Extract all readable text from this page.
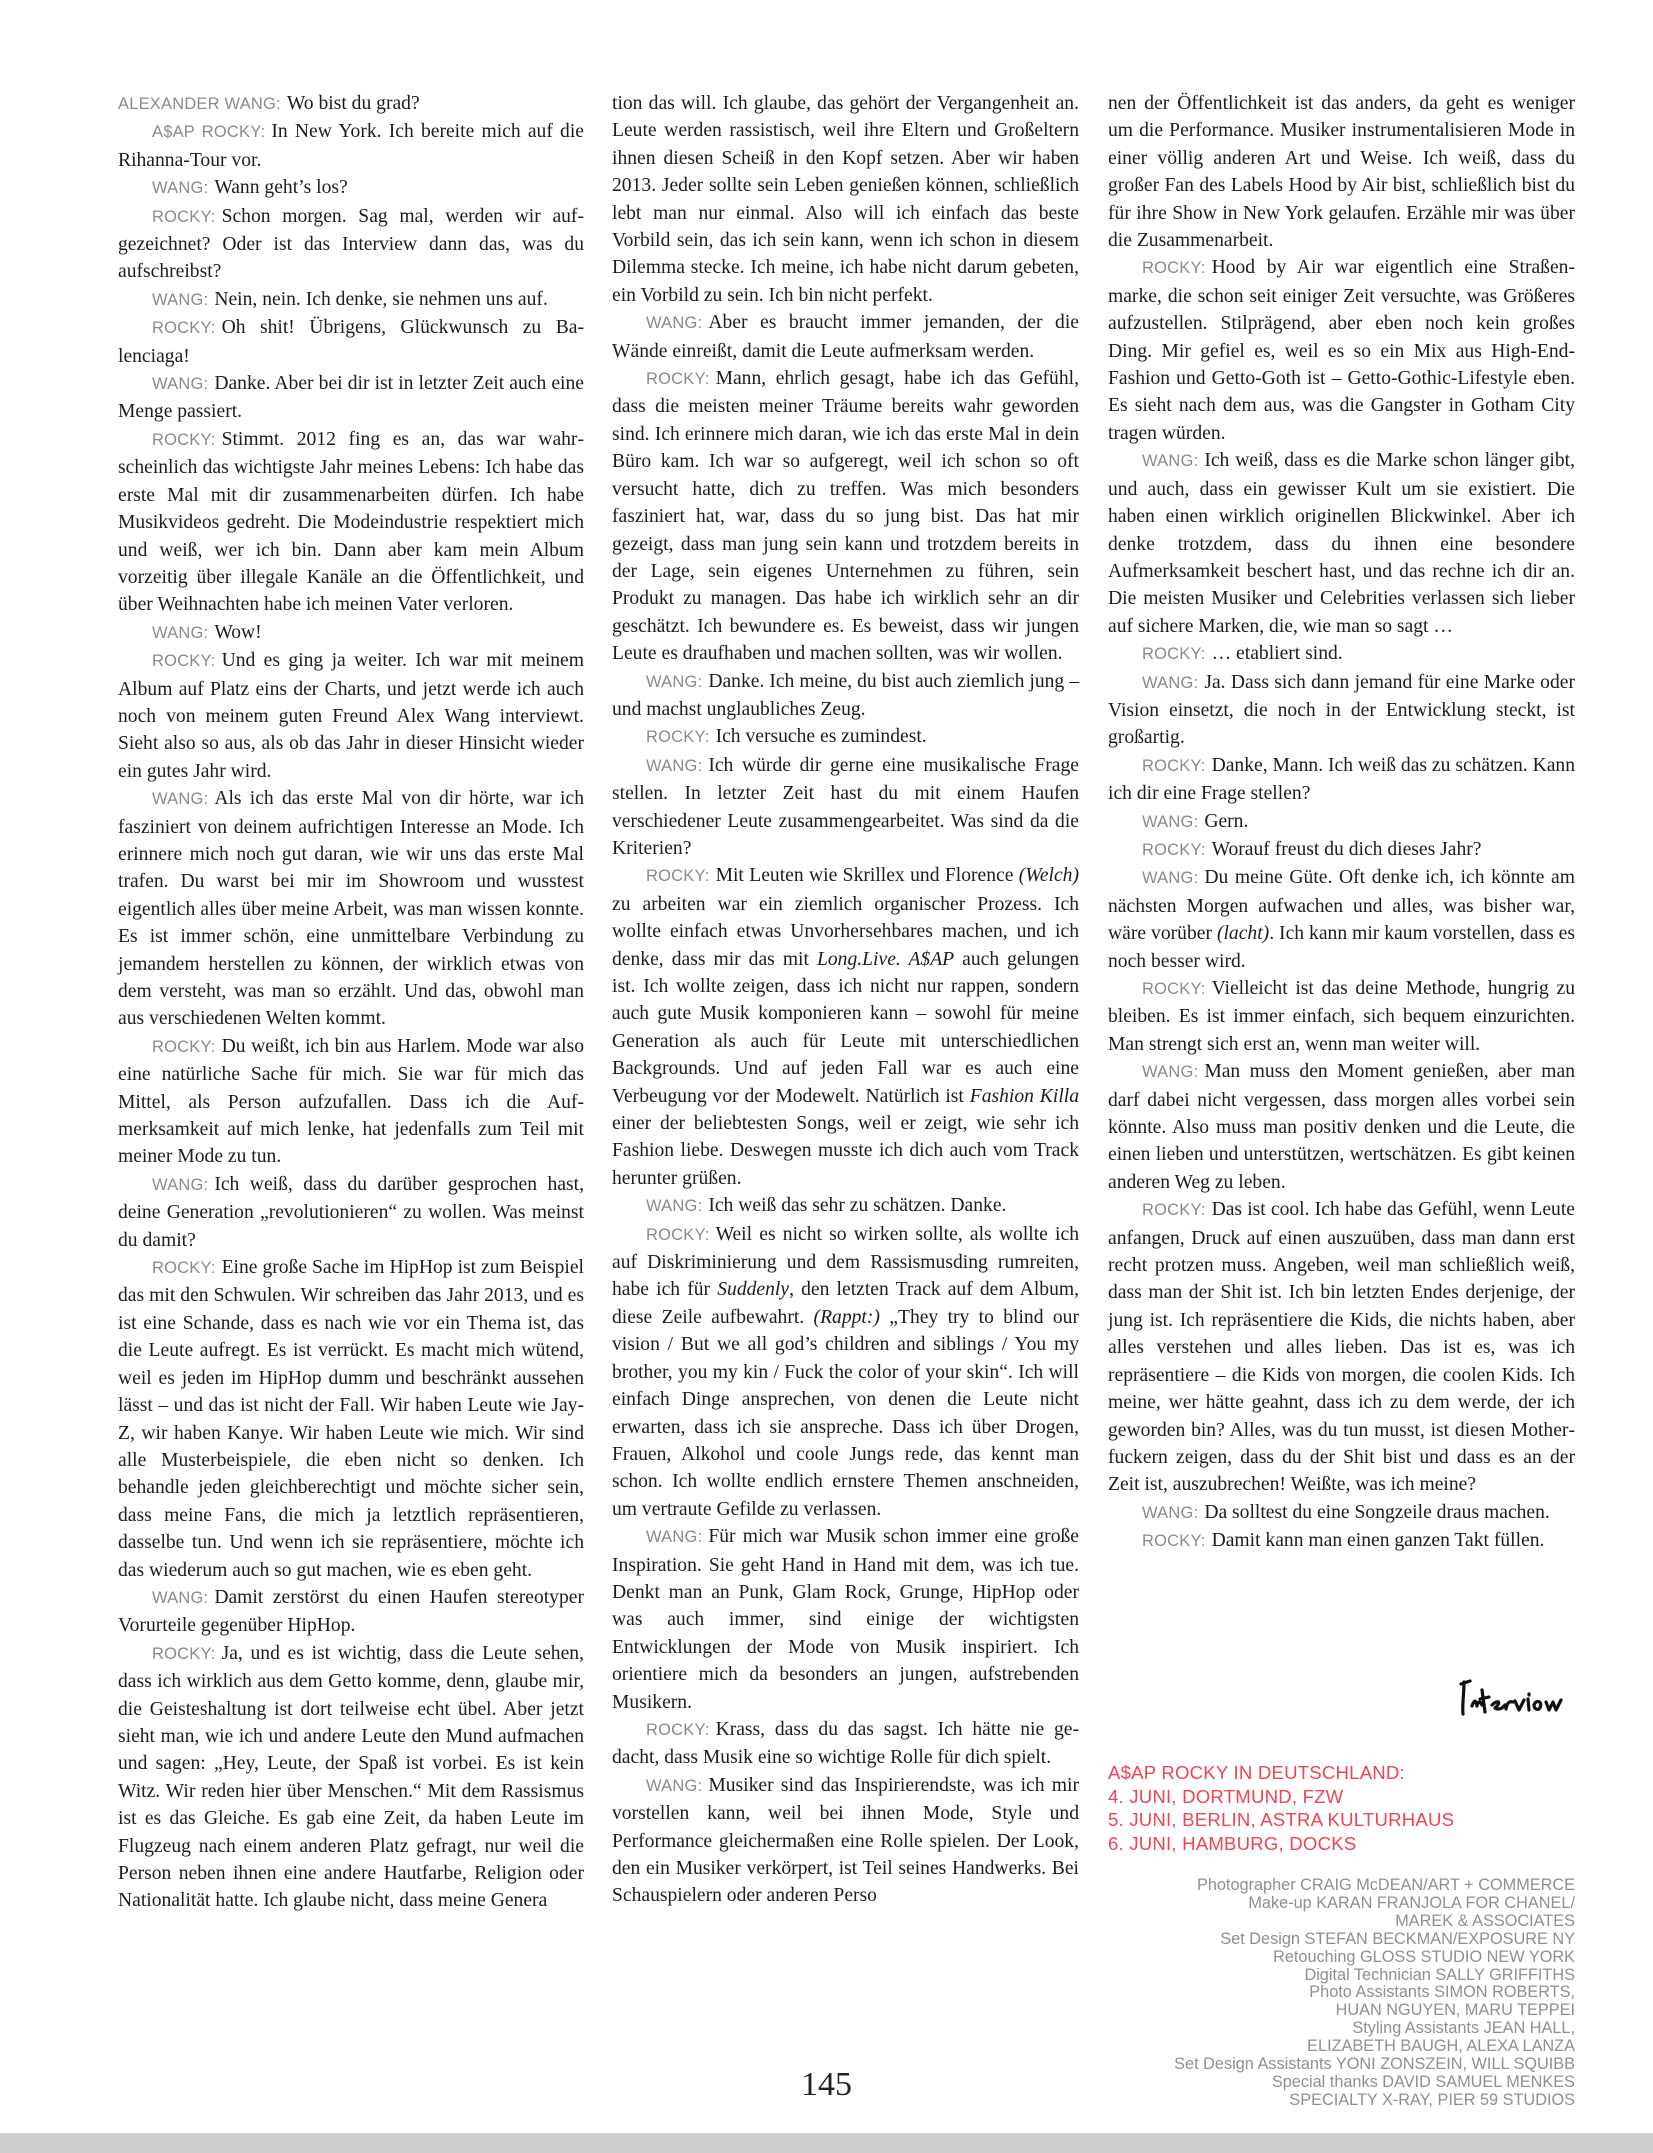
ALEXANDER WANG: Wo bist du grad?

A$AP ROCKY: In New York. Ich bereite mich auf die Rihanna-Tour vor.

WANG: Wann geht’s los?

ROCKY: Schon morgen. Sag mal, werden wir aufgezeichnet? Oder ist das Interview dann das, was du aufschreibst?

WANG: Nein, nein. Ich denke, sie nehmen uns auf.

ROCKY: Oh shit! Übrigens, Glückwunsch zu Balenciaga!

WANG: Danke. Aber bei dir ist in letzter Zeit auch eine Menge passiert.

ROCKY: Stimmt. 2012 fing es an, das war wahrscheinlich das wichtigste Jahr meines Lebens: Ich habe das erste Mal mit dir zusammenarbeiten dürfen. Ich habe Musikvideos gedreht. Die Modeindustrie respektiert mich und weiß, wer ich bin. Dann aber kam mein Album vorzeitig über illegale Kanäle an die Öffentlichkeit, und über Weihnachten habe ich meinen Vater verloren.

WANG: Wow!

ROCKY: Und es ging ja weiter. Ich war mit meinem Album auf Platz eins der Charts, und jetzt werde ich auch noch von meinem guten Freund Alex Wang interviewt. Sieht also so aus, als ob das Jahr in dieser Hinsicht wieder ein gutes Jahr wird.

WANG: Als ich das erste Mal von dir hörte, war ich fasziniert von deinem aufrichtigen Interesse an Mode. Ich erinnere mich noch gut daran, wie wir uns das erste Mal trafen. Du warst bei mir im Showroom und wusstest eigentlich alles über meine Arbeit, was man wissen konnte. Es ist immer schön, eine unmittelbare Verbindung zu jemandem herstellen zu können, der wirklich etwas von dem versteht, was man so erzählt. Und das, obwohl man aus verschiedenen Welten kommt.

ROCKY: Du weißt, ich bin aus Harlem. Mode war also eine natürliche Sache für mich. Sie war für mich das Mittel, als Person aufzufallen. Dass ich die Aufmerksamkeit auf mich lenke, hat jedenfalls zum Teil mit meiner Mode zu tun.

WANG: Ich weiß, dass du darüber gesprochen hast, deine Generation „revolutionieren“ zu wollen. Was meinst du damit?

ROCKY: Eine große Sache im HipHop ist zum Beispiel das mit den Schwulen. Wir schreiben das Jahr 2013, und es ist eine Schande, dass es nach wie vor ein Thema ist, das die Leute aufregt. Es ist verrückt. Es macht mich wütend, weil es jeden im HipHop dumm und beschränkt aussehen lässt – und das ist nicht der Fall. Wir haben Leute wie Jay-Z, wir haben Kanye. Wir haben Leute wie mich. Wir sind alle Musterbeispiele, die eben nicht so denken. Ich behandle jeden gleichberechtigt und möchte sicher sein, dass meine Fans, die mich ja letztlich repräsentieren, dasselbe tun. Und wenn ich sie repräsentiere, möchte ich das wiederum auch so gut machen, wie es eben geht.

WANG: Damit zerstörst du einen Haufen stereotyper Vorurteile gegenüber HipHop.

ROCKY: Ja, und es ist wichtig, dass die Leute sehen, dass ich wirklich aus dem Getto komme, denn, glaube mir, die Geisteshaltung ist dort teilweise echt übel. Aber jetzt sieht man, wie ich und andere Leute den Mund aufmachen und sagen: „Hey, Leute, der Spaß ist vorbei. Es ist kein Witz. Wir reden hier über Menschen.“ Mit dem Rassismus ist es das Gleiche. Es gab eine Zeit, da haben Leute im Flugzeug nach einem anderen Platz gefragt, nur weil die Person neben ihnen eine andere Hautfarbe, Religion oder Nationalität hatte. Ich glaube nicht, dass meine Genera

tion das will. Ich glaube, das gehört der Vergangenheit an. Leute werden rassistisch, weil ihre Eltern und Großeltern ihnen diesen Scheiß in den Kopf setzen. Aber wir haben 2013. Jeder sollte sein Leben genießen können, schließlich lebt man nur einmal. Also will ich einfach das beste Vorbild sein, das ich sein kann, wenn ich schon in diesem Dilemma stecke. Ich meine, ich habe nicht darum gebeten, ein Vorbild zu sein. Ich bin nicht perfekt.

WANG: Aber es braucht immer jemanden, der die Wände einreißt, damit die Leute aufmerksam werden.

ROCKY: Mann, ehrlich gesagt, habe ich das Gefühl, dass die meisten meiner Träume bereits wahr geworden sind. Ich erinnere mich daran, wie ich das erste Mal in dein Büro kam. Ich war so aufgeregt, weil ich schon so oft versucht hatte, dich zu treffen. Was mich besonders fasziniert hat, war, dass du so jung bist. Das hat mir gezeigt, dass man jung sein kann und trotzdem bereits in der Lage, sein eigenes Unternehmen zu führen, sein Produkt zu managen. Das habe ich wirklich sehr an dir geschätzt. Ich bewundere es. Es beweist, dass wir jungen Leute es draufhaben und machen sollten, was wir wollen.

WANG: Danke. Ich meine, du bist auch ziemlich jung – und machst unglaubliches Zeug.

ROCKY: Ich versuche es zumindest.

WANG: Ich würde dir gerne eine musikalische Frage stellen. In letzter Zeit hast du mit einem Haufen verschiedener Leute zusammengearbeitet. Was sind da die Kriterien?

ROCKY: Mit Leuten wie Skrillex und Florence (Welch) zu arbeiten war ein ziemlich organischer Prozess. Ich wollte einfach etwas Unvorhersehbares machen, und ich denke, dass mir das mit Long.Live. A$AP auch gelungen ist. Ich wollte zeigen, dass ich nicht nur rappen, sondern auch gute Musik komponieren kann – sowohl für meine Generation als auch für Leute mit unterschiedlichen Backgrounds. Und auf jeden Fall war es auch eine Verbeugung vor der Modewelt. Natürlich ist Fashion Killa einer der beliebtesten Songs, weil er zeigt, wie sehr ich Fashion liebe. Deswegen musste ich dich auch vom Track herunter grüßen.

WANG: Ich weiß das sehr zu schätzen. Danke.

ROCKY: Weil es nicht so wirken sollte, als wollte ich auf Diskriminierung und dem Rassismusding rumreiten, habe ich für Suddenly, den letzten Track auf dem Album, diese Zeile aufbewahrt. (Rappt:) „They try to blind our vision / But we all god’s children and siblings / You my brother, you my kin / Fuck the color of your skin“. Ich will einfach Dinge ansprechen, von denen die Leute nicht erwarten, dass ich sie anspreche. Dass ich über Drogen, Frauen, Alkohol und coole Jungs rede, das kennt man schon. Ich wollte endlich ernstere Themen anschneiden, um vertraute Gefilde zu verlassen.

WANG: Für mich war Musik schon immer eine große Inspiration. Sie geht Hand in Hand mit dem, was ich tue. Denkt man an Punk, Glam Rock, Grunge, HipHop oder was auch immer, sind einige der wichtigsten Entwicklungen der Mode von Musik inspiriert. Ich orientiere mich da besonders an jungen, aufstrebenden Musikern.

ROCKY: Krass, dass du das sagst. Ich hätte nie gedacht, dass Musik eine so wichtige Rolle für dich spielt.

WANG: Musiker sind das Inspirierendste, was ich mir vorstellen kann, weil bei ihnen Mode, Style und Performance gleichermaßen eine Rolle spielen. Der Look, den ein Musiker verkörpert, ist Teil seines Handwerks. Bei Schauspielern oder anderen Perso

nen der Öffentlichkeit ist das anders, da geht es weniger um die Performance. Musiker instrumentalisieren Mode in einer völlig anderen Art und Weise. Ich weiß, dass du großer Fan des Labels Hood by Air bist, schließlich bist du für ihre Show in New York gelaufen. Erzähle mir was über die Zusammenarbeit.

ROCKY: Hood by Air war eigentlich eine Straßenmarke, die schon seit einiger Zeit versuchte, was Größeres aufzustellen. Stilprägend, aber eben noch kein großes Ding. Mir gefiel es, weil es so ein Mix aus High-End-Fashion und Getto-Goth ist – Getto-Gothic-Lifestyle eben. Es sieht nach dem aus, was die Gangster in Gotham City tragen würden.

WANG: Ich weiß, dass es die Marke schon länger gibt, und auch, dass ein gewisser Kult um sie existiert. Die haben einen wirklich originellen Blickwinkel. Aber ich denke trotzdem, dass du ihnen eine besondere Aufmerksamkeit beschert hast, und das rechne ich dir an. Die meisten Musiker und Celebrities verlassen sich lieber auf sichere Marken, die, wie man so sagt …

ROCKY: … etabliert sind.

WANG: Ja. Dass sich dann jemand für eine Marke oder Vision einsetzt, die noch in der Entwicklung steckt, ist großartig.

ROCKY: Danke, Mann. Ich weiß das zu schätzen. Kann ich dir eine Frage stellen?

WANG: Gern.

ROCKY: Worauf freust du dich dieses Jahr?

WANG: Du meine Güte. Oft denke ich, ich könnte am nächsten Morgen aufwachen und alles, was bisher war, wäre vorüber (lacht). Ich kann mir kaum vorstellen, dass es noch besser wird.

ROCKY: Vielleicht ist das deine Methode, hungrig zu bleiben. Es ist immer einfach, sich bequem einzurichten. Man strengt sich erst an, wenn man weiter will.

WANG: Man muss den Moment genießen, aber man darf dabei nicht vergessen, dass morgen alles vorbei sein könnte. Also muss man positiv denken und die Leute, die einen lieben und unterstützen, wertschätzen. Es gibt keinen anderen Weg zu leben.

ROCKY: Das ist cool. Ich habe das Gefühl, wenn Leute anfangen, Druck auf einen auszuüben, dass man dann erst recht protzen muss. Angeben, weil man schließlich weiß, dass man der Shit ist. Ich bin letzten Endes derjenige, der jung ist. Ich repräsentiere die Kids, die nichts haben, aber alles verstehen und alles lieben. Das ist es, was ich repräsentiere – die Kids von morgen, die coolen Kids. Ich meine, wer hätte geahnt, dass ich zu dem werde, der ich geworden bin? Alles, was du tun musst, ist diesen Motherfuckern zeigen, dass du der Shit bist und dass es an der Zeit ist, auszubrechen! Weißte, was ich meine?

WANG: Da solltest du eine Songzeile draus machen.

ROCKY: Damit kann man einen ganzen Takt füllen.

A$AP ROCKY IN DEUTSCHLAND:
4. JUNI, DORTMUND, FZW
5. JUNI, BERLIN, ASTRA KULTURHAUS
6. JUNI, HAMBURG, DOCKS
Photographer CRAIG McDEAN/ART + COMMERCE
Make-up KARAN FRANJOLA FOR CHANEL/
MAREK & ASSOCIATES
Set Design STEFAN BECKMAN/EXPOSURE NY
Retouching GLOSS STUDIO NEW YORK
Digital Technician SALLY GRIFFITHS
Photo Assistants SIMON ROBERTS,
HUAN NGUYEN, MARU TEPPEI
Styling Assistants JEAN HALL,
ELIZABETH BAUGH, ALEXA LANZA
Set Design Assistants YONI ZONSZEIN, WILL SQUIBB
Special thanks DAVID SAMUEL MENKES
SPECIALTY X-RAY, PIER 59 STUDIOS
145
